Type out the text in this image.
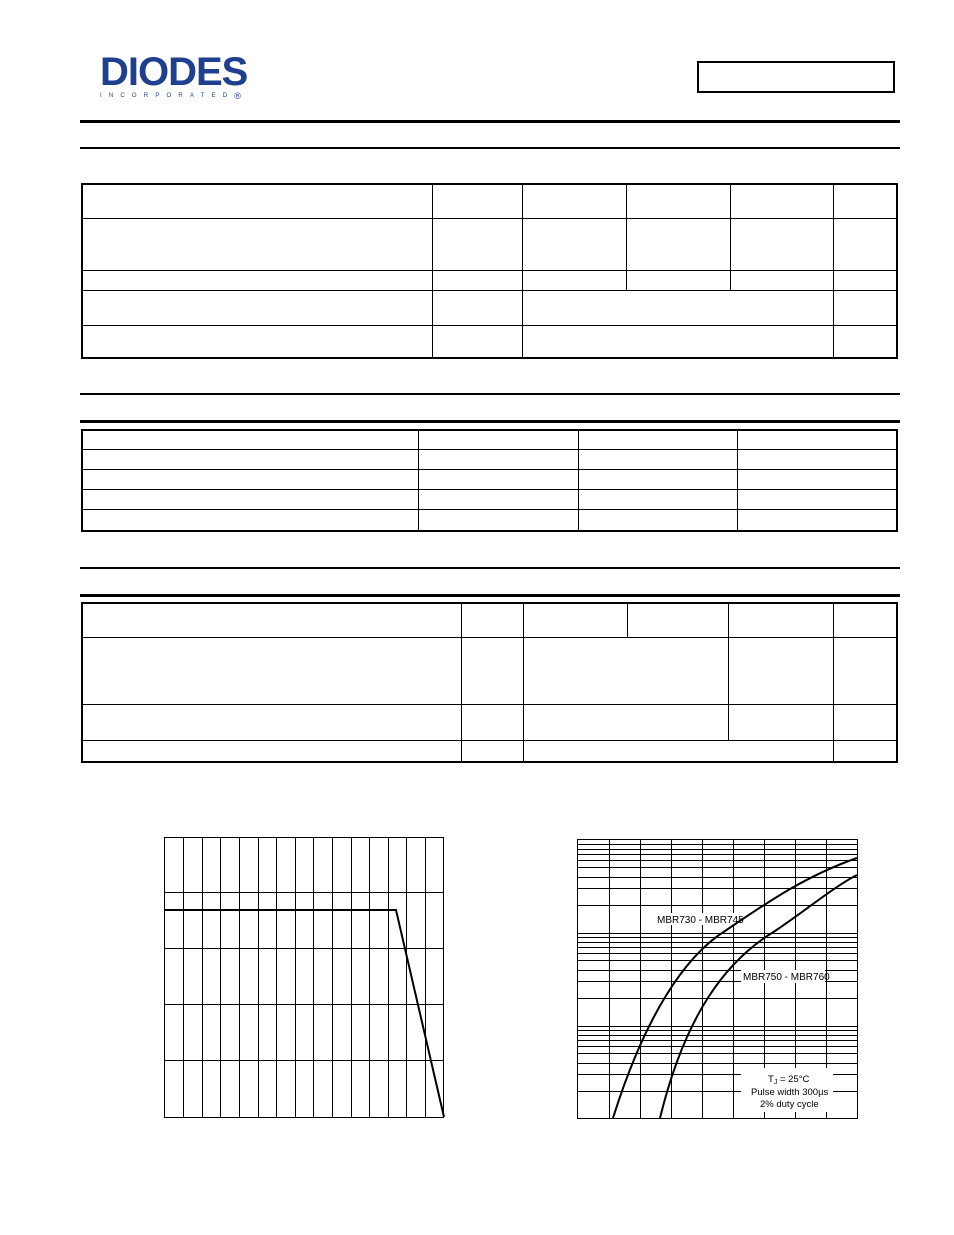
DIODES
INCORPORATED®
MBR730 - MBR745
MBR750 - MBR760
$T_J = 25^\circ C$
Pulse width 300µs
2% duty cycle
